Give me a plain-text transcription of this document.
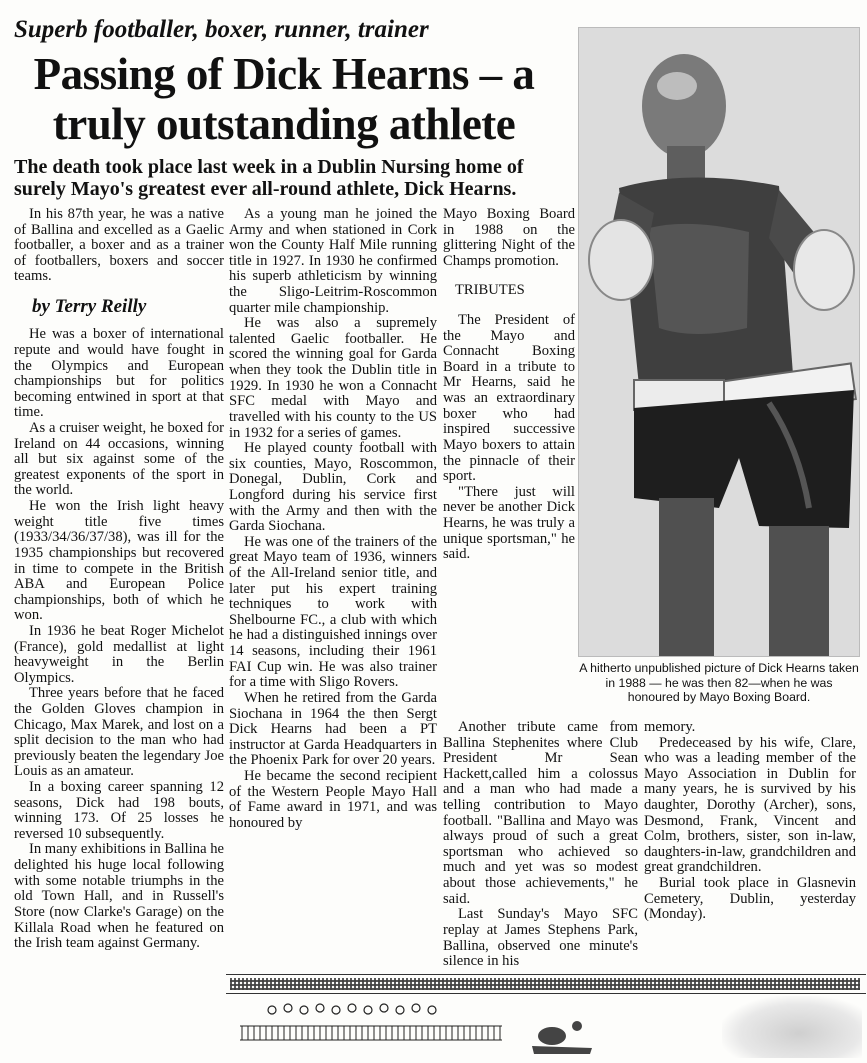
Superb footballer, boxer, runner, trainer
Passing of Dick Hearns – a truly outstanding athlete
The death took place last week in a Dublin Nursing home of surely Mayo's greatest ever all-round athlete, Dick Hearns.

In his 87th year, he was a native of Ballina and excelled as a Gaelic footballer, a boxer and as a trainer of footballers, boxers and soccer teams.

by Terry Reilly

He was a boxer of international repute and would have fought in the Olympics and European championships but for politics becoming entwined in sport at that time.

As a cruiser weight, he boxed for Ireland on 44 occasions, winning all but six against some of the greatest exponents of the sport in the world.

He won the Irish light heavy weight title five times (1933/34/36/37/38), was ill for the 1935 championships but recovered in time to compete in the British ABA and European Police championships, both of which he won.

In 1936 he beat Roger Michelot (France), gold medallist at light heavyweight in the Berlin Olympics.

Three years before that he faced the Golden Gloves champion in Chicago, Max Marek, and lost on a split decision to the man who had previously beaten the legendary Joe Louis as an amateur.

In a boxing career spanning 12 seasons, Dick had 198 bouts, winning 173. Of 25 losses he reversed 10 subsequently.

In many exhibitions in Ballina he delighted his huge local following with some notable triumphs in the old Town Hall, and in Russell's Store (now Clarke's Garage) on the Killala Road when he featured on the Irish team against Germany.

As a young man he joined the Army and when stationed in Cork won the County Half Mile running title in 1927. In 1930 he confirmed his superb athleticism by winning the Sligo-Leitrim-Roscommon quarter mile championship.

He was also a supremely talented Gaelic footballer. He scored the winning goal for Garda when they took the Dublin title in 1929. In 1930 he won a Connacht SFC medal with Mayo and travelled with his county to the US in 1932 for a series of games.

He played county football with six counties, Mayo, Roscommon, Donegal, Dublin, Cork and Longford during his service first with the Army and then with the Garda Siochana.

He was one of the trainers of the great Mayo team of 1936, winners of the All-Ireland senior title, and later put his expert training techniques to work with Shelbourne FC., a club with which he had a distinguished innings over 14 seasons, including their 1961 FAI Cup win. He was also trainer for a time with Sligo Rovers.

When he retired from the Garda Siochana in 1964 the then Sergt Dick Hearns had been a PT instructor at Garda Headquarters in the Phoenix Park for over 20 years.

He became the second recipient of the Western People Mayo Hall of Fame award in 1971, and was honoured by

Mayo Boxing Board in 1988 on the glittering Night of the Champs promotion.

TRIBUTES

The President of the Mayo and Connacht Boxing Board in a tribute to Mr Hearns, said he was an extraordinary boxer who had inspired successive Mayo boxers to attain the pinnacle of their sport.

"There just will never be another Dick Hearns, he was truly a unique sportsman," he said.

Another tribute came from Ballina Stephenites where Club President Mr Sean Hackett,called him a colossus and a man who had made a telling contribution to Mayo football. "Ballina and Mayo was always proud of such a great sportsman who achieved so much and yet was so modest about those achievements," he said.

Last Sunday's Mayo SFC replay at James Stephens Park, Ballina, observed one minute's silence in his

memory.

Predeceased by his wife, Clare, who was a leading member of the Mayo Association in Dublin for many years, he is survived by his daughter, Dorothy (Archer), sons, Desmond, Frank, Vincent and Colm, brothers, sister, son in-law, daughters-in-law, grandchildren and great grandchildren.

Burial took place in Glasnevin Cemetery, Dublin, yesterday (Monday).

A hitherto unpublished picture of Dick Hearns taken in 1988 — he was then 82—when he was honoured by Mayo Boxing Board.
